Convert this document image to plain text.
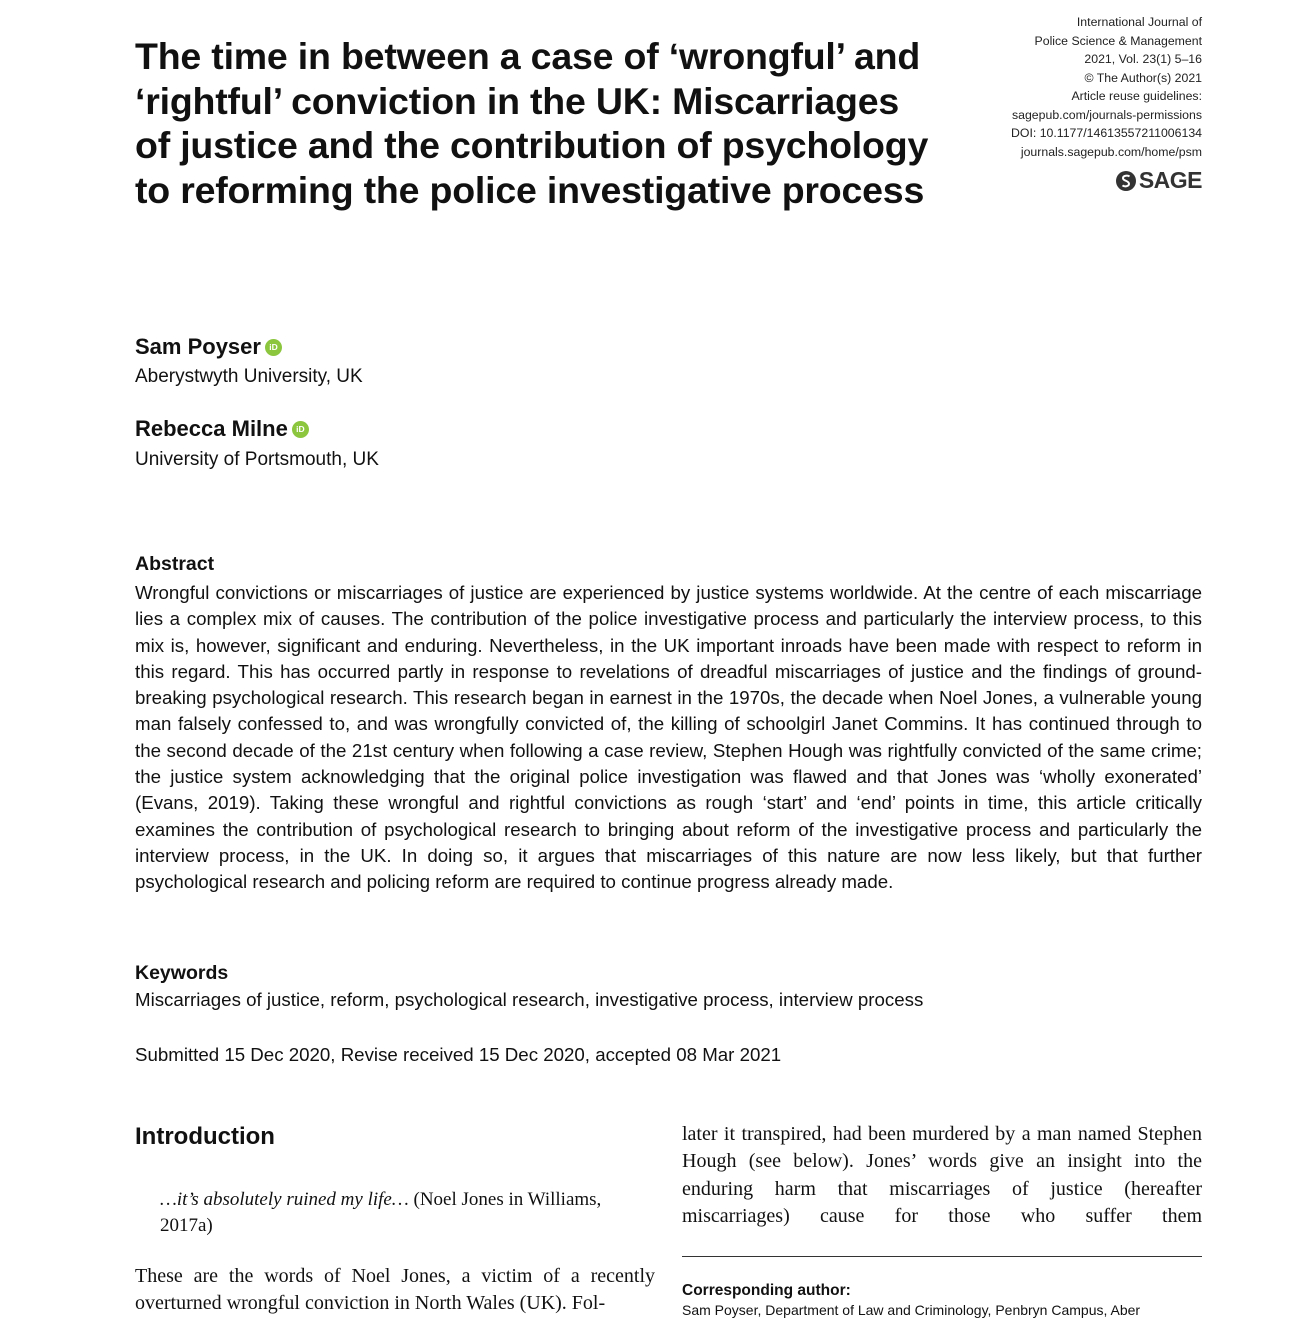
The time in between a case of ‘wrongful’ and ‘rightful’ conviction in the UK: Miscarriages of justice and the contribution of psychology to reforming the police investigative process
International Journal of
Police Science & Management
2021, Vol. 23(1) 5–16
© The Author(s) 2021
Article reuse guidelines:
sagepub.com/journals-permissions
DOI: 10.1177/14613557211006134
journals.sagepub.com/home/psm
SAGE
Sam Poyser iD
Aberystwyth University, UK
Rebecca Milne iD
University of Portsmouth, UK
Abstract

Wrongful convictions or miscarriages of justice are experienced by justice systems worldwide. At the centre of each miscarriage lies a complex mix of causes. The contribution of the police investigative process and particularly the interview process, to this mix is, however, significant and enduring. Nevertheless, in the UK important inroads have been made with respect to reform in this regard. This has occurred partly in response to revelations of dreadful miscarriages of justice and the findings of ground-breaking psychological research. This research began in earnest in the 1970s, the decade when Noel Jones, a vulnerable young man falsely confessed to, and was wrongfully convicted of, the killing of schoolgirl Janet Commins. It has continued through to the second decade of the 21st century when following a case review, Stephen Hough was rightfully convicted of the same crime; the justice system acknowledging that the original police investigation was flawed and that Jones was ‘wholly exonerated’ (Evans, 2019). Taking these wrongful and rightful convictions as rough ‘start’ and ‘end’ points in time, this article critically examines the contribution of psychological research to bringing about reform of the investigative process and particularly the interview process, in the UK. In doing so, it argues that miscarriages of this nature are now less likely, but that further psychological research and policing reform are required to continue progress already made.

Keywords
Miscarriages of justice, reform, psychological research, investigative process, interview process
Submitted 15 Dec 2020, Revise received 15 Dec 2020, accepted 08 Mar 2021
Introduction

…it’s absolutely ruined my life… (Noel Jones in Williams, 2017a)

These are the words of Noel Jones, a victim of a recently overturned wrongful conviction in North Wales (UK). Fol-

later it transpired, had been murdered by a man named Stephen Hough (see below). Jones’ words give an insight into the enduring harm that miscarriages of justice (hereafter miscarriages) cause for those who suffer them

Corresponding author:
Sam Poyser, Department of Law and Criminology, Penbryn Campus, Aber
